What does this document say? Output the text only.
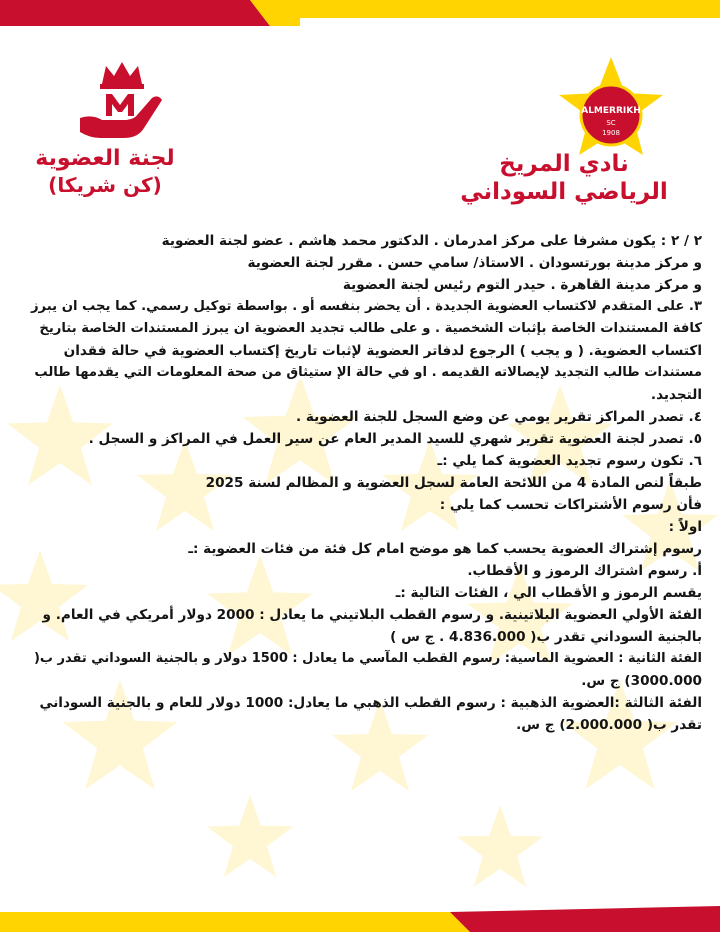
ALMERRIKH
SC
1908
نادي المريخ
الرياضي السوداني
لجنة العضوية
(كن شريكا)
٢ / ٢ : يكون مشرفا على مركز امدرمان . الدكتور محمد هاشم . عضو لجنة العضوية
و مركز مدينة بورتسودان . الاستاذ/ سامي حسن . مقرر لجنة العضوية
و مركز مدينة القاهرة . حيدر التوم رئيس لجنة العضوية
٣. على المتقدم لاكتساب العضوية الجديدة . أن يحضر بنفسه أو . بواسطة توكيل رسمي. كما يجب ان يبرز
كافة المستندات الخاصة بإثبات الشخصية . و على طالب تجديد العضوية ان يبرز المستندات الخاصة بتاريخ
اكتساب العضوية. ( و يجب ) الرجوع لدفاتر العضوية لإثبات تاريخ إكتساب العضوية في حالة فقدان
مستندات طالب التجديد لإيصالاته القديمه . او في حالة الإ ستيثاق من صحة المعلومات التي يقدمها طالب
التجديد.
٤. تصدر المراكز تقرير يومي عن وضع السجل للجنة العضوية .
٥. تصدر لجنة العضوية تقرير شهري للسيد المدير العام عن سير العمل في المراكز و السجل .
٦. تكون رسوم تجديد العضوية كما يلي :ـ
طبقاً لنص المادة 4 من اللائحة العامة لسجل العضوية و المظالم لسنة 2025
فأن رسوم الأشتراكات تحسب كما يلي :
اولاً :
رسوم إشتراك العضوية يحسب كما هو موضح امام كل فئة من فئات العضوية :ـ
أ. رسوم اشتراك الرموز و الأقطاب.
يقسم الرموز و الأقطاب الي ، الفئات التالية :ـ
الفئة الأولي العضوية البلاتينية. و رسوم القطب البلاتيني ما يعادل : 2000 دولار أمريكي في العام. و
بالجنية السوداني تقدر ب( 4.836.000 . ج س )
الفئة الثانية : العضوية الماسية: رسوم القطب المآسي ما يعادل : 1500 دولار و بالجنية السوداني تقدر ب(
3000.000) ج س.
الفئة الثالثة :العضوية الذهبية : رسوم القطب الذهبي ما يعادل: 1000 دولار للعام و بالجنية السوداني
تقدر ب( 2.000.000) ج س.
